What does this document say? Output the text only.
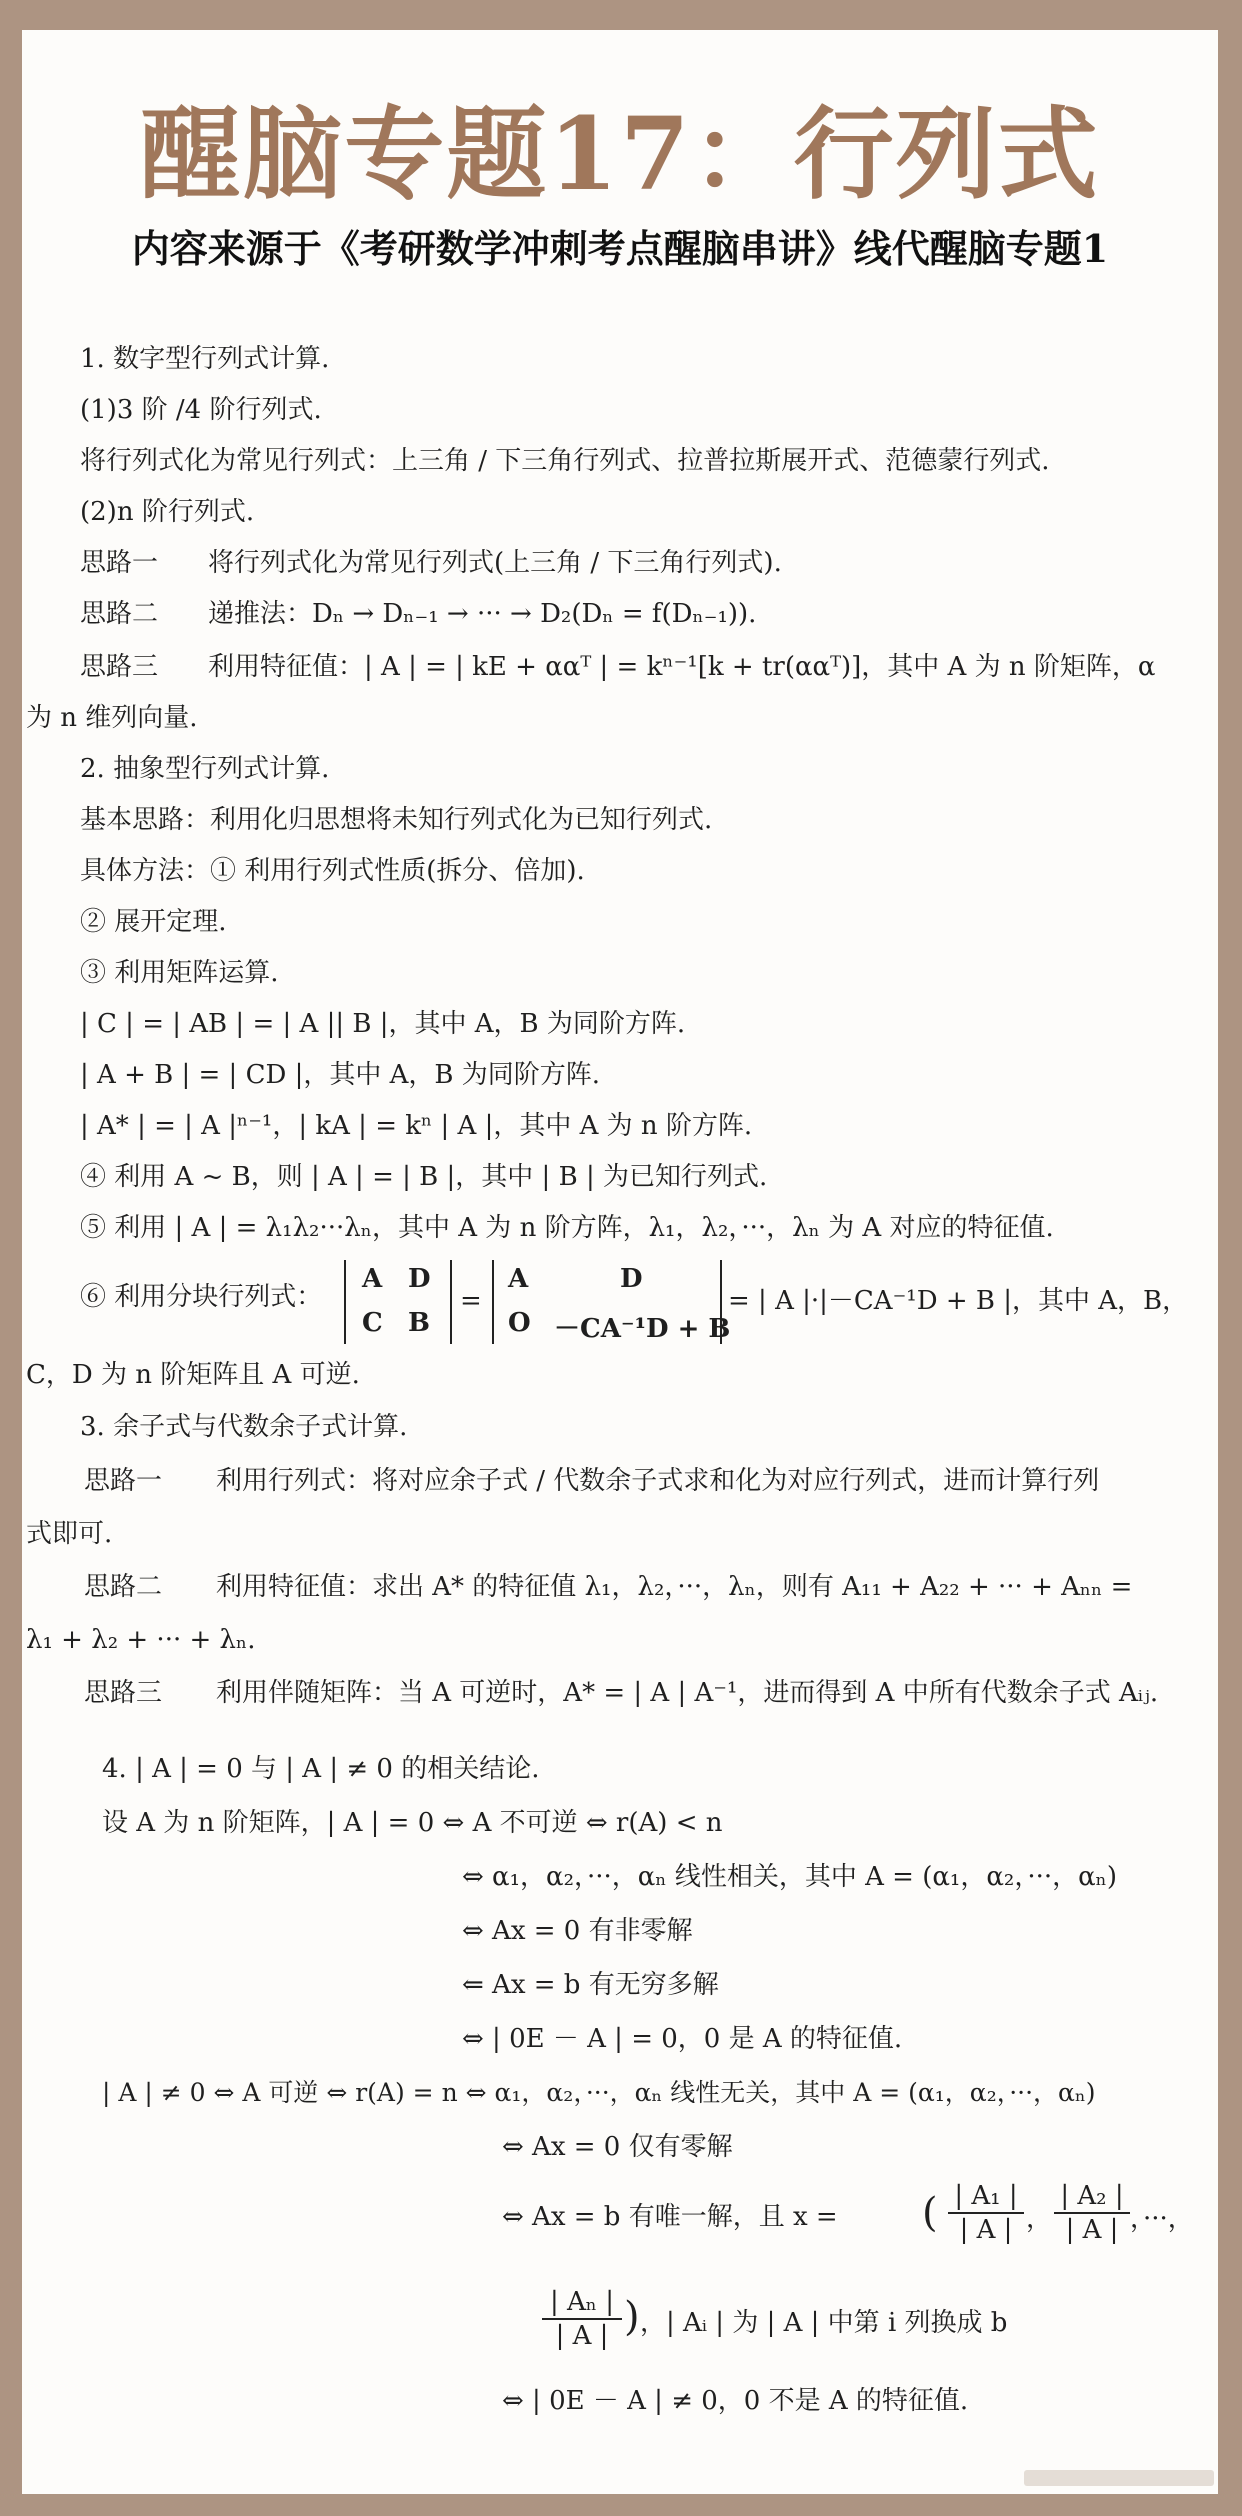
醒脑专题17：行列式
内容来源于《考研数学冲刺考点醒脑串讲》线代醒脑专题1
1. 数字型行列式计算.
(1)3 阶 /4 阶行列式.
将行列式化为常见行列式：上三角 / 下三角行列式、拉普拉斯展开式、范德蒙行列式.
(2)n 阶行列式.
思路一 将行列式化为常见行列式(上三角 / 下三角行列式).
思路二 递推法：Dₙ → Dₙ₋₁ → ··· → D₂(Dₙ = f(Dₙ₋₁)).
思路三 利用特征值：| A | = | kE + ααᵀ | = kⁿ⁻¹[k + tr(ααᵀ)]，其中 A 为 n 阶矩阵，α
为 n 维列向量.
2. 抽象型行列式计算.
基本思路：利用化归思想将未知行列式化为已知行列式.
具体方法：① 利用行列式性质(拆分、倍加).
② 展开定理.
③ 利用矩阵运算.
| C | = | AB | = | A || B |，其中 A，B 为同阶方阵.
| A + B | = | CD |，其中 A，B 为同阶方阵.
| A* | = | A |ⁿ⁻¹，| kA | = kⁿ | A |，其中 A 为 n 阶方阵.
④ 利用 A ~ B，则 | A | = | B |，其中 | B | 为已知行列式.
⑤ 利用 | A | = λ₁λ₂···λₙ，其中 A 为 n 阶方阵，λ₁，λ₂，···，λₙ 为 A 对应的特征值.
⑥ 利用分块行列式：
A D
C B
=
A	D
O －CA⁻¹D + B
= | A |·|－CA⁻¹D + B |，其中 A，B，
C，D 为 n 阶矩阵且 A 可逆.
3. 余子式与代数余子式计算.
思路一 利用行列式：将对应余子式 / 代数余子式求和化为对应行列式，进而计算行列
式即可.
思路二 利用特征值：求出 A* 的特征值 λ₁，λ₂，···，λₙ，则有 A₁₁ + A₂₂ + ··· + Aₙₙ =
λ₁ + λ₂ + ··· + λₙ.
思路三 利用伴随矩阵：当 A 可逆时，A* = | A | A⁻¹，进而得到 A 中所有代数余子式 Aᵢⱼ.
4. | A | = 0 与 | A | ≠ 0 的相关结论.
设 A 为 n 阶矩阵，| A | = 0 ⇔ A 不可逆 ⇔ r(A) < n
⇔ α₁，α₂，···，αₙ 线性相关，其中 A = (α₁，α₂，···，αₙ)
⇔ Ax = 0 有非零解
⇐ Ax = b 有无穷多解
⇔ | 0E － A | = 0，0 是 A 的特征值.
| A | ≠ 0 ⇔ A 可逆 ⇔ r(A) = n ⇔ α₁，α₂，···，αₙ 线性无关，其中 A = (α₁，α₂，···，αₙ)
⇔ Ax = 0 仅有零解
⇔ Ax = b 有唯一解，且 x = ( | A₁ |
| A | ，
| A₂ |
| A | ，···，
| Aₙ |
| A | ) ，| Aᵢ | 为 | A | 中第 i 列换成 b
⇔ | 0E － A | ≠ 0，0 不是 A 的特征值.
